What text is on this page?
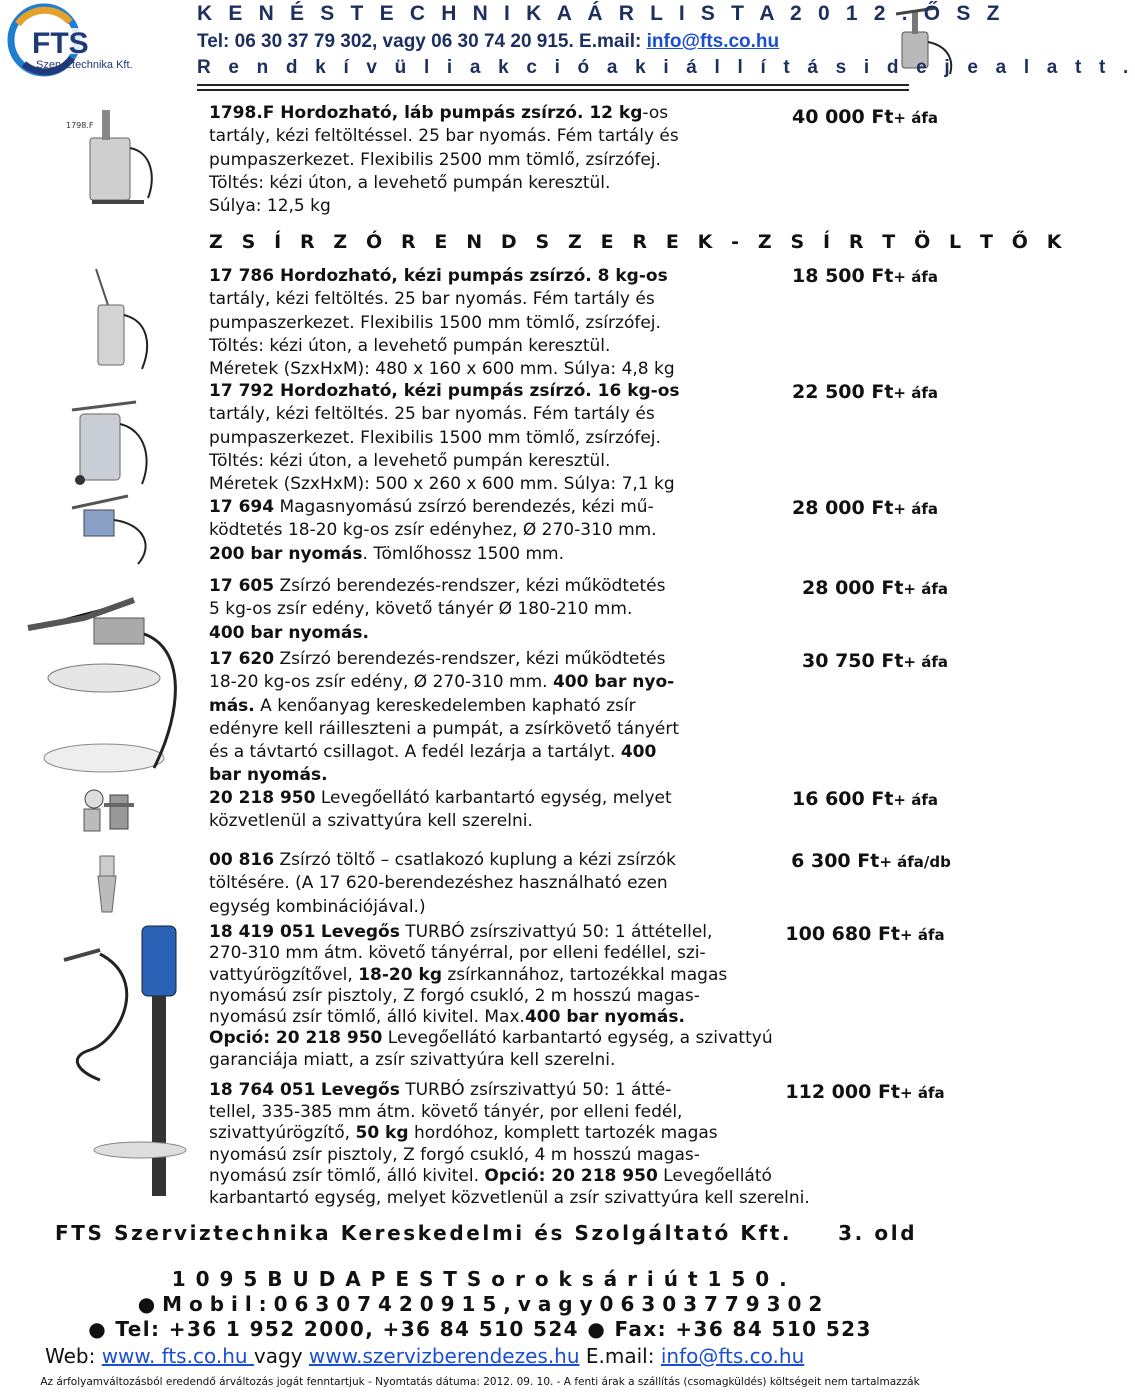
FTS
Szerviztechnika Kft.
K E N É S T E C H N I K A Á R L I S T A 2 0 1 2 . Ő S Z
Tel: 06 30 37 79 302, vagy 06 30 74 20 915. E.mail: info@fts.co.hu
R e n d k í v ü l i a k c i ó a k i á l l í t á s i d e j e a l a t t .
Z S Í R Z Ó R E N D S Z E R E K - Z S Í R T Ö L T Ő K
1798.F
1798.F Hordozható, láb pumpás zsírzó. 12 kg-os
tartály, kézi feltöltéssel. 25 bar nyomás. Fém tartály és
pumpaszerkezet. Flexibilis 2500 mm tömlő, zsírzófej.
Töltés: kézi úton, a levehető pumpán keresztül.
Súlya: 12,5 kg
17 786 Hordozható, kézi pumpás zsírzó. 8 kg-os
tartály, kézi feltöltés. 25 bar nyomás. Fém tartály és
pumpaszerkezet. Flexibilis 1500 mm tömlő, zsírzófej.
Töltés: kézi úton, a levehető pumpán keresztül.
Méretek (SzxHxM): 480 x 160 x 600 mm. Súlya: 4,8 kg
17 792 Hordozható, kézi pumpás zsírzó. 16 kg-os
tartály, kézi feltöltés. 25 bar nyomás. Fém tartály és
pumpaszerkezet. Flexibilis 1500 mm tömlő, zsírzófej.
Töltés: kézi úton, a levehető pumpán keresztül.
Méretek (SzxHxM): 500 x 260 x 600 mm. Súlya: 7,1 kg
17 694 Magasnyomású zsírzó berendezés, kézi mű-
ködtetés 18-20 kg-os zsír edényhez, Ø 270-310 mm.
200 bar nyomás. Tömlőhossz 1500 mm.
17 605 Zsírzó berendezés-rendszer, kézi működtetés
5 kg-os zsír edény, követő tányér Ø 180-210 mm.
400 bar nyomás.
17 620 Zsírzó berendezés-rendszer, kézi működtetés
18-20 kg-os zsír edény, Ø 270-310 mm. 400 bar nyo-
más. A kenőanyag kereskedelemben kapható zsír
edényre kell ráilleszteni a pumpát, a zsírkövető tányért
és a távtartó csillagot. A fedél lezárja a tartályt. 400
bar nyomás.
20 218 950 Levegőellátó karbantartó egység, melyet
közvetlenül a szivattyúra kell szerelni.
00 816 Zsírzó töltő – csatlakozó kuplung a kézi zsírzók
töltésére. (A 17 620-berendezéshez használható ezen
egység kombinációjával.)
18 419 051 Levegős TURBÓ zsírszivattyú 50: 1 áttétellel,
270-310 mm átm. követő tányérral, por elleni fedéllel, szi-
vattyúrögzítővel, 18-20 kg zsírkannához, tartozékkal magas
nyomású zsír pisztoly, Z forgó csukló, 2 m hosszú magas-
nyomású zsír tömlő, álló kivitel. Max.400 bar nyomás.
Opció: 20 218 950 Levegőellátó karbantartó egység, a szivattyú
garanciája miatt, a zsír szivattyúra kell szerelni.
18 764 051 Levegős TURBÓ zsírszivattyú 50: 1 átté-
tellel, 335-385 mm átm. követő tányér, por elleni fedél,
szivattyúrögzítő, 50 kg hordóhoz, komplett tartozék magas
nyomású zsír pisztoly, Z forgó csukló, 4 m hosszú magas-
nyomású zsír tömlő, álló kivitel. Opció: 20 218 950 Levegőellátó
karbantartó egység, melyet közvetlenül a zsír szivattyúra kell szerelni.
40 000 Ft+ áfa
18 500 Ft+ áfa
22 500 Ft+ áfa
28 000 Ft+ áfa
28 000 Ft+ áfa
30 750 Ft+ áfa
16 600 Ft+ áfa
6 300 Ft+ áfa/db
100 680 Ft+ áfa
112 000 Ft+ áfa
FTS Szerviztechnika Kereskedelmi és Szolgáltató Kft. 3. old
1 0 9 5 B U D A P E S T S o r o k s á r i ú t 1 5 0 .
● M o b i l : 0 6 3 0 7 4 2 0 9 1 5 , v a g y 0 6 3 0 3 7 7 9 3 0 2
● Tel: +36 1 952 2000, +36 84 510 524 ● Fax: +36 84 510 523
Web: www. fts.co.hu vagy www.szervizberendezes.hu E.mail: info@fts.co.hu
Az árfolyamváltozásból eredendő árváltozás jogát fenntartjuk - Nyomtatás dátuma: 2012. 09. 10. - A fenti árak a szállítás (csomagküldés) költségeit nem tartalmazzák
